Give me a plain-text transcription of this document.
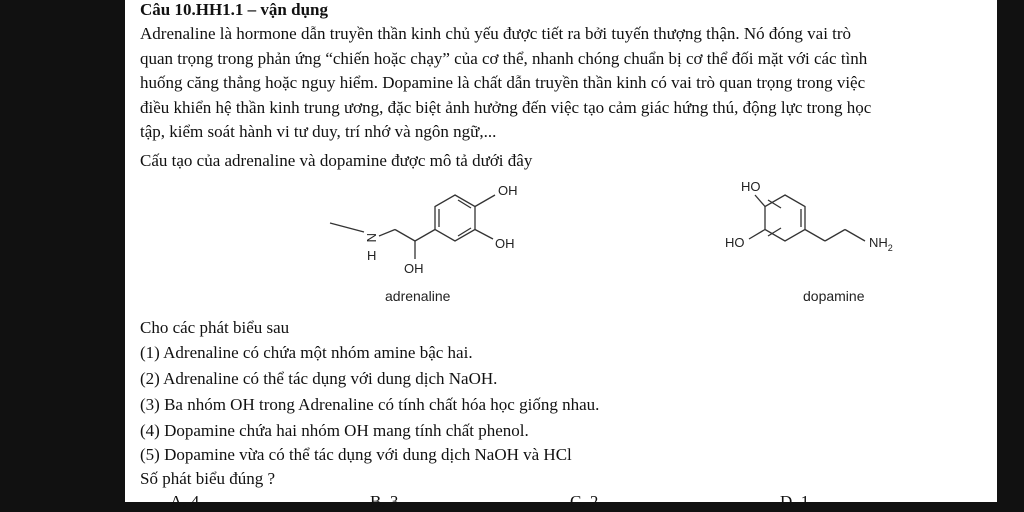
Câu 10.HH1.1 – vận dụng
Adrenaline là hormone dẫn truyền thần kinh chủ yếu được tiết ra bởi tuyến thượng thận. Nó đóng vai trò
quan trọng trong phản ứng “chiến hoặc chạy” của cơ thể, nhanh chóng chuẩn bị cơ thể đối mặt với các tình
huống căng thẳng hoặc nguy hiểm. Dopamine là chất dẫn truyền thần kinh có vai trò quan trọng trong việc
điều khiển hệ thần kinh trung ương, đặc biệt ảnh hưởng đến việc tạo cảm giác hứng thú, động lực trong học
tập, kiểm soát hành vi tư duy, trí nhớ và ngôn ngữ,...
Cấu tạo của adrenaline và dopamine được mô tả dưới đây
OH
OH
OH
N
H
adrenaline
HO
HO	$NH_2$
dopamine
Cho các phát biểu sau
(1) Adrenaline có chứa một nhóm amine bậc hai.
(2) Adrenaline có thể tác dụng với dung dịch NaOH.
(3) Ba nhóm OH trong Adrenaline có tính chất hóa học giống nhau.
(4) Dopamine chứa hai nhóm OH mang tính chất phenol.
(5) Dopamine vừa có thể tác dụng với dung dịch NaOH và HCl
Số phát biểu đúng ?
A. 4	B. 3	C. 2	D. 1
